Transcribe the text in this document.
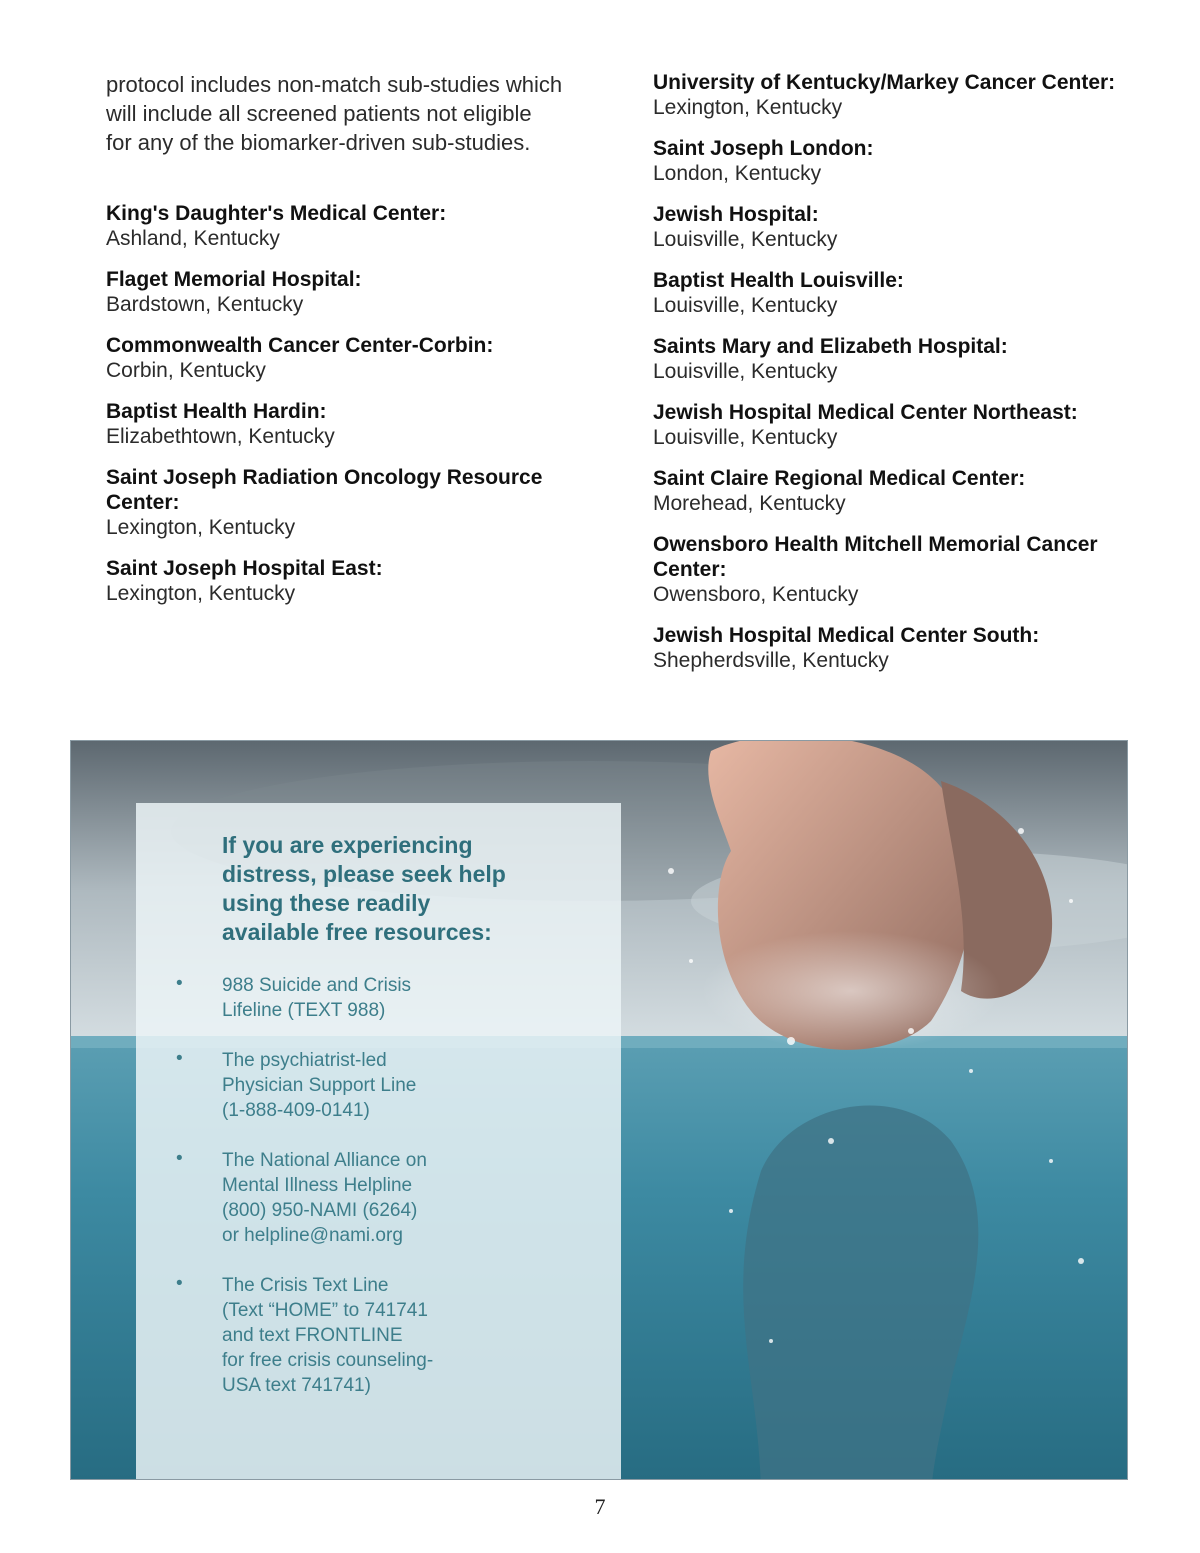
protocol includes non-match sub-studies which
will include all screened patients not eligible
for any of the biomarker-driven sub-studies.

King's Daughter's Medical Center:
Ashland, Kentucky
Flaget Memorial Hospital:
Bardstown, Kentucky
Commonwealth Cancer Center-Corbin:
Corbin, Kentucky
Baptist Health Hardin:
Elizabethtown, Kentucky
Saint Joseph Radiation Oncology Resource Center:
Lexington, Kentucky
Saint Joseph Hospital East:
Lexington, Kentucky
University of Kentucky/Markey Cancer Center:
Lexington, Kentucky
Saint Joseph London:
London, Kentucky
Jewish Hospital:
Louisville, Kentucky
Baptist Health Louisville:
Louisville, Kentucky
Saints Mary and Elizabeth Hospital:
Louisville, Kentucky
Jewish Hospital Medical Center Northeast:
Louisville, Kentucky
Saint Claire Regional Medical Center:
Morehead, Kentucky
Owensboro Health Mitchell Memorial Cancer Center:
Owensboro, Kentucky
Jewish Hospital Medical Center South:
Shepherdsville, Kentucky
If you are experiencing distress, please seek help using these readily available free resources:
• 988 Suicide and Crisis
Lifeline (TEXT 988)
• The psychiatrist-led
Physician Support Line
(1-888-409-0141)
• The National Alliance on
Mental Illness Helpline
(800) 950-NAMI (6264)
or helpline@nami.org
• The Crisis Text Line
(Text “HOME” to 741741
and text FRONTLINE
for free crisis counseling-
USA text 741741)
7
